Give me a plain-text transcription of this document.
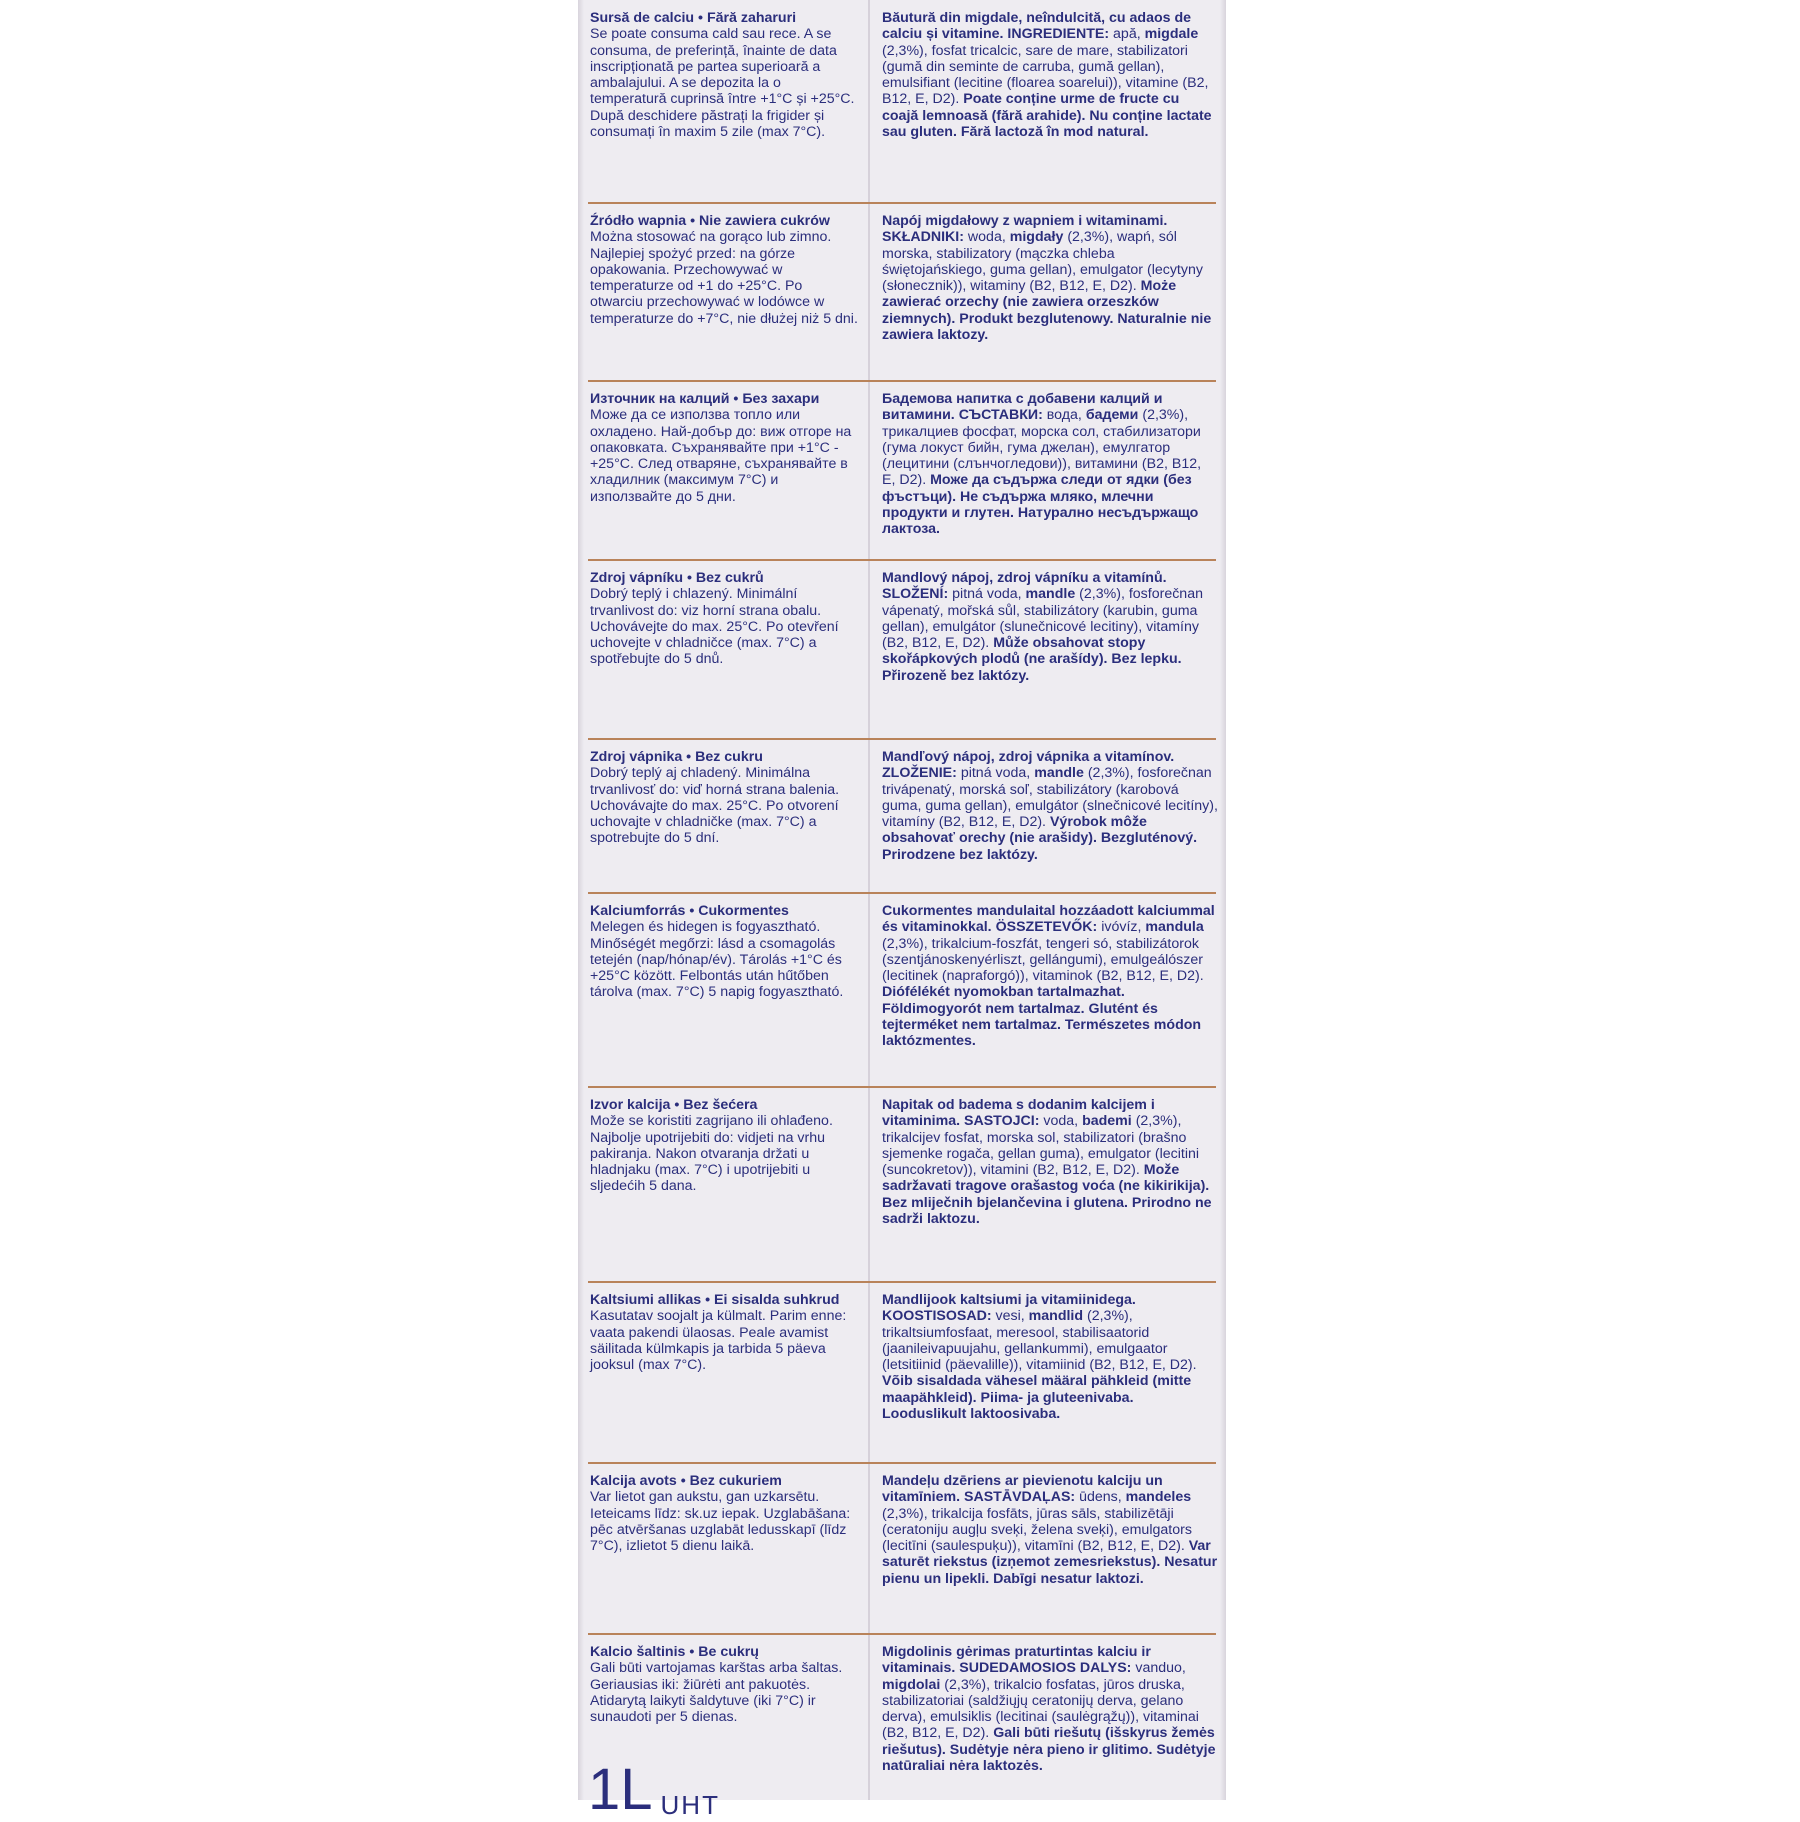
Sursă de calciu • Fără zaharuri
Se poate consuma cald sau rece. A se consuma, de preferință, înainte de data inscripționată pe partea superioară a ambalajului. A se depozita la o temperatură cuprinsă între +1°C și +25°C. După deschidere păstrați la frigider și consumați în maxim 5 zile (max 7°C).
Băutură din migdale, neîndulcită, cu adaos de calciu și vitamine. INGREDIENTE: apă, migdale (2,3%), fosfat tricalcic, sare de mare, stabilizatori (gumă din seminte de carruba, gumă gellan), emulsifiant (lecitine (floarea soarelui)), vitamine (B2, B12, E, D2). Poate conține urme de fructe cu coajă lemnoasă (fără arahide). Nu conține lactate sau gluten. Fără lactoză în mod natural.
Źródło wapnia • Nie zawiera cukrów
Można stosować na gorąco lub zimno. Najlepiej spożyć przed: na górze opakowania. Przechowywać w temperaturze od +1 do +25°C. Po otwarciu przechowywać w lodówce w temperaturze do +7°C, nie dłużej niż 5 dni.
Napój migdałowy z wapniem i witaminami. SKŁADNIKI: woda, migdały (2,3%), wapń, sól morska, stabilizatory (mączka chleba świętojańskiego, guma gellan), emulgator (lecytyny (słonecznik)), witaminy (B2, B12, E, D2). Może zawierać orzechy (nie zawiera orzeszków ziemnych). Produkt bezglutenowy. Naturalnie nie zawiera laktozy.
Източник на калций • Без захари
Може да се използва топло или охладено. Най-добър до: виж отгоре на опаковката. Съхранявайте при +1°C - +25°C. След отваряне, съхранявайте в хладилник (максимум 7°C) и използвайте до 5 дни.
Бадемова напитка с добавени калций и витамини. СЪСТАВКИ: вода, бадеми (2,3%), трикалциев фосфат, морска сол, стабилизатори (гума локуст бийн, гума джелан), емулгатор (лецитини (слънчогледови)), витамини (B2, B12, E, D2). Може да съдържа следи от ядки (без фъстъци). Не съдържа мляко, млечни продукти и глутен. Натурално несъдържащо лактоза.
Zdroj vápníku • Bez cukrů
Dobrý teplý i chlazený. Minimální trvanlivost do: viz horní strana obalu. Uchovávejte do max. 25°C. Po otevření uchovejte v chladničce (max. 7°C) a spotřebujte do 5 dnů.
Mandlový nápoj, zdroj vápníku a vitamínů. SLOŽENÍ: pitná voda, mandle (2,3%), fosforečnan vápenatý, mořská sůl, stabilizátory (karubin, guma gellan), emulgátor (slunečnicové lecitiny), vitamíny (B2, B12, E, D2). Může obsahovat stopy skořápkových plodů (ne arašídy). Bez lepku. Přirozeně bez laktózy.
Zdroj vápnika • Bez cukru
Dobrý teplý aj chladený. Minimálna trvanlivosť do: viď horná strana balenia. Uchovávajte do max. 25°C. Po otvorení uchovajte v chladničke (max. 7°C) a spotrebujte do 5 dní.
Mandľový nápoj, zdroj vápnika a vitamínov. ZLOŽENIE: pitná voda, mandle (2,3%), fosforečnan trivápenatý, morská soľ, stabilizátory (karobová guma, guma gellan), emulgátor (slnečnicové lecitíny), vitamíny (B2, B12, E, D2). Výrobok môže obsahovať orechy (nie arašidy). Bezgluténový. Prirodzene bez laktózy.
Kalciumforrás • Cukormentes
Melegen és hidegen is fogyasztható. Minőségét megőrzi: lásd a csomagolás tetején (nap/hónap/év). Tárolás +1°C és +25°C között. Felbontás után hűtőben tárolva (max. 7°C) 5 napig fogyasztható.
Cukormentes mandulaital hozzáadott kalciummal és vitaminokkal. ÖSSZETEVŐK: ivóvíz, mandula (2,3%), trikalcium-foszfát, tengeri só, stabilizátorok (szentjánoskenyérliszt, gellángumi), emulgeálószer (lecitinek (napraforgó)), vitaminok (B2, B12, E, D2). Diófélékét nyomokban tartalmazhat. Földimogyorót nem tartalmaz. Glutént és tejterméket nem tartalmaz. Természetes módon laktózmentes.
Izvor kalcija • Bez šećera
Može se koristiti zagrijano ili ohlađeno. Najbolje upotrijebiti do: vidjeti na vrhu pakiranja. Nakon otvaranja držati u hladnjaku (max. 7°C) i upotrijebiti u sljedećih 5 dana.
Napitak od badema s dodanim kalcijem i vitaminima. SASTOJCI: voda, bademi (2,3%), trikalcijev fosfat, morska sol, stabilizatori (brašno sjemenke rogača, gellan guma), emulgator (lecitini (suncokretov)), vitamini (B2, B12, E, D2). Može sadržavati tragove orašastog voća (ne kikirikija). Bez mliječnih bjelančevina i glutena. Prirodno ne sadrži laktozu.
Kaltsiumi allikas • Ei sisalda suhkrud
Kasutatav soojalt ja külmalt. Parim enne: vaata pakendi ülaosas. Peale avamist säilitada külmkapis ja tarbida 5 päeva jooksul (max 7°C).
Mandlijook kaltsiumi ja vitamiinidega. KOOSTISOSAD: vesi, mandlid (2,3%), trikaltsiumfosfaat, meresool, stabilisaatorid (jaanileivapuujahu, gellankummi), emulgaator (letsitiinid (päevalille)), vitamiinid (B2, B12, E, D2). Võib sisaldada vähesel määral pähkleid (mitte maapähkleid). Piima- ja gluteenivaba. Looduslikult laktoosivaba.
Kalcija avots • Bez cukuriem
Var lietot gan aukstu, gan uzkarsētu. Ieteicams līdz: sk.uz iepak. Uzglabāšana: pēc atvēršanas uzglabāt ledusskapī (līdz 7°C), izlietot 5 dienu laikā.
Mandeļu dzēriens ar pievienotu kalciju un vitamīniem. SASTĀVDAĻAS: ūdens, mandeles (2,3%), trikalcija fosfāts, jūras sāls, stabilizētāji (ceratoniju augļu sveķi, želena sveķi), emulgators (lecitīni (saulespuķu)), vitamīni (B2, B12, E, D2). Var saturēt riekstus (izņemot zemesriekstus). Nesatur pienu un lipekli. Dabīgi nesatur laktozi.
Kalcio šaltinis • Be cukrų
Gali būti vartojamas karštas arba šaltas. Geriausias iki: žiūrėti ant pakuotės. Atidarytą laikyti šaldytuve (iki 7°C) ir sunaudoti per 5 dienas.
Migdolinis gėrimas praturtintas kalciu ir vitaminais. SUDEDAMOSIOS DALYS: vanduo, migdolai (2,3%), trikalcio fosfatas, jūros druska, stabilizatoriai (saldžiųjų ceratonijų derva, gelano derva), emulsiklis (lecitinai (saulėgrąžų)), vitaminai (B2, B12, E, D2). Gali būti riešutų (išskyrus žemės riešutus). Sudėtyje nėra pieno ir glitimo. Sudėtyje natūraliai nėra laktozės.
1L UHT
